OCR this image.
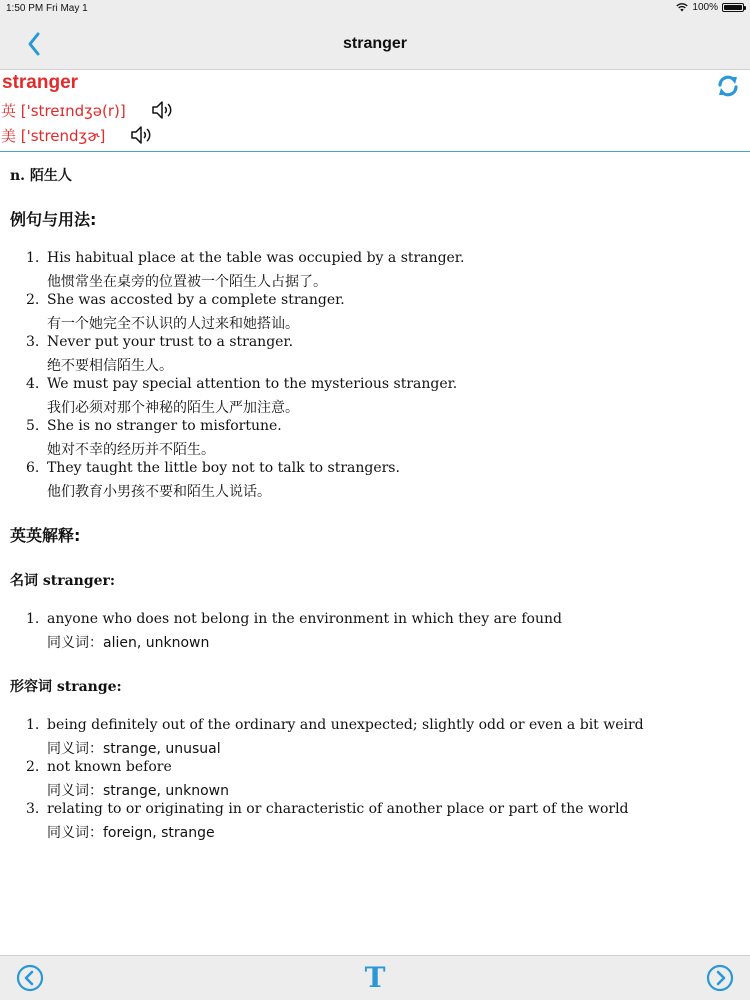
1:50 PM Fri May 1	100%
stranger
stranger
英 ['streɪndʒə(r)]
美 ['strendʒɚ]
n. 陌生人
例句与用法:
1. His habitual place at the table was occupied by a stranger.
他惯常坐在桌旁的位置被一个陌生人占据了。
2. She was accosted by a complete stranger.
有一个她完全不认识的人过来和她搭讪。
3. Never put your trust to a stranger.
绝不要相信陌生人。
4. We must pay special attention to the mysterious stranger.
我们必须对那个神秘的陌生人严加注意。
5. She is no stranger to misfortune.
她对不幸的经历并不陌生。
6. They taught the little boy not to talk to strangers.
他们教育小男孩不要和陌生人说话。
英英解释:
名词 stranger:
1. anyone who does not belong in the environment in which they are found
同义词：alien, unknown
形容词 strange:
1. being definitely out of the ordinary and unexpected; slightly odd or even a bit weird
同义词：strange, unusual
2. not known before
同义词：strange, unknown
3. relating to or originating in or characteristic of another place or part of the world
同义词：foreign, strange
T
